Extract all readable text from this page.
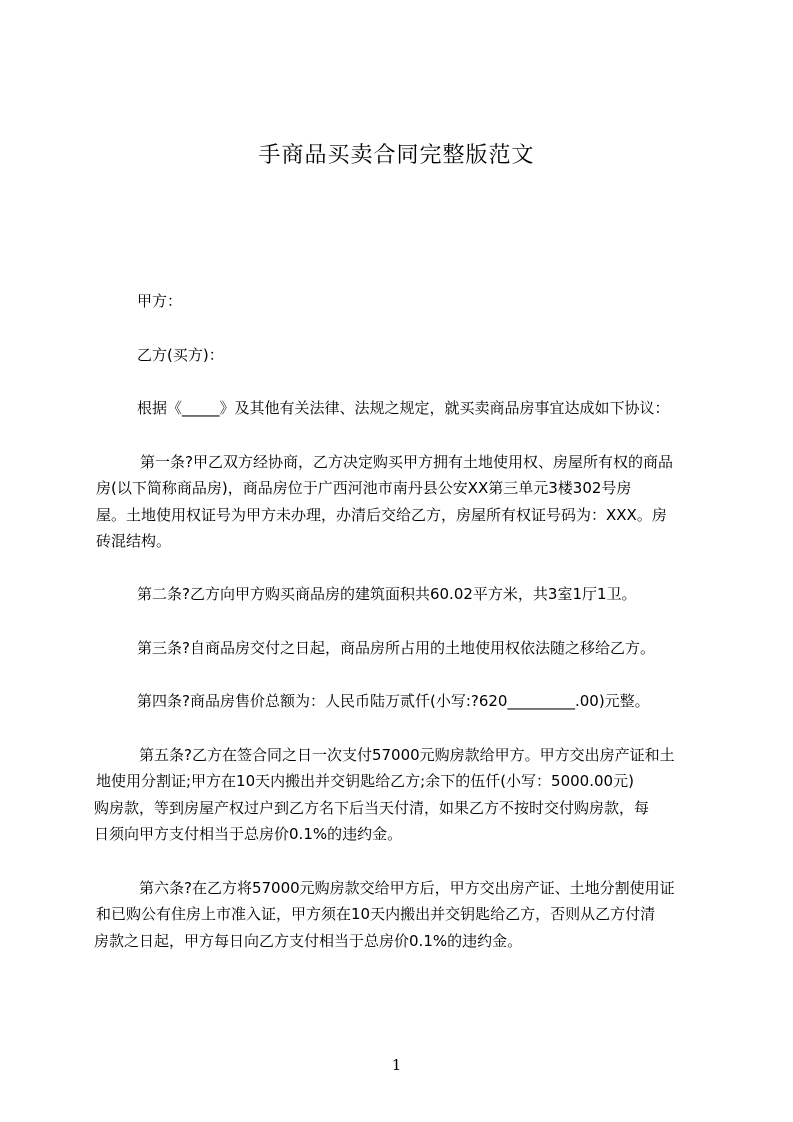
手商品买卖合同完整版范文
甲方：
乙方(买方)：
根据《_____》及其他有关法律、法规之规定，就买卖商品房事宜达成如下协议：
第一条?甲乙双方经协商，乙方决定购买甲方拥有土地使用权、房屋所有权的商品
房(以下简称商品房)，商品房位于广西河池市南丹县公安XX第三单元3楼302号房
屋。土地使用权证号为甲方未办理，办清后交给乙方，房屋所有权证号码为：XXX。房
砖混结构。
第二条?乙方向甲方购买商品房的建筑面积共60.02平方米，共3室1厅1卫。
第三条?自商品房交付之日起，商品房所占用的土地使用权依法随之移给乙方。
第四条?商品房售价总额为：人民币陆万贰仟(小写:?620_________.00)元整。
第五条?乙方在签合同之日一次支付57000元购房款给甲方。甲方交出房产证和土
地使用分割证;甲方在10天内搬出并交钥匙给乙方;余下的伍仟(小写：5000.00元)
购房款，等到房屋产权过户到乙方名下后当天付清，如果乙方不按时交付购房款，每
日须向甲方支付相当于总房价0.1%的违约金。
第六条?在乙方将57000元购房款交给甲方后，甲方交出房产证、土地分割使用证
和已购公有住房上市准入证，甲方须在10天内搬出并交钥匙给乙方，否则从乙方付清
房款之日起，甲方每日向乙方支付相当于总房价0.1%的违约金。
1
